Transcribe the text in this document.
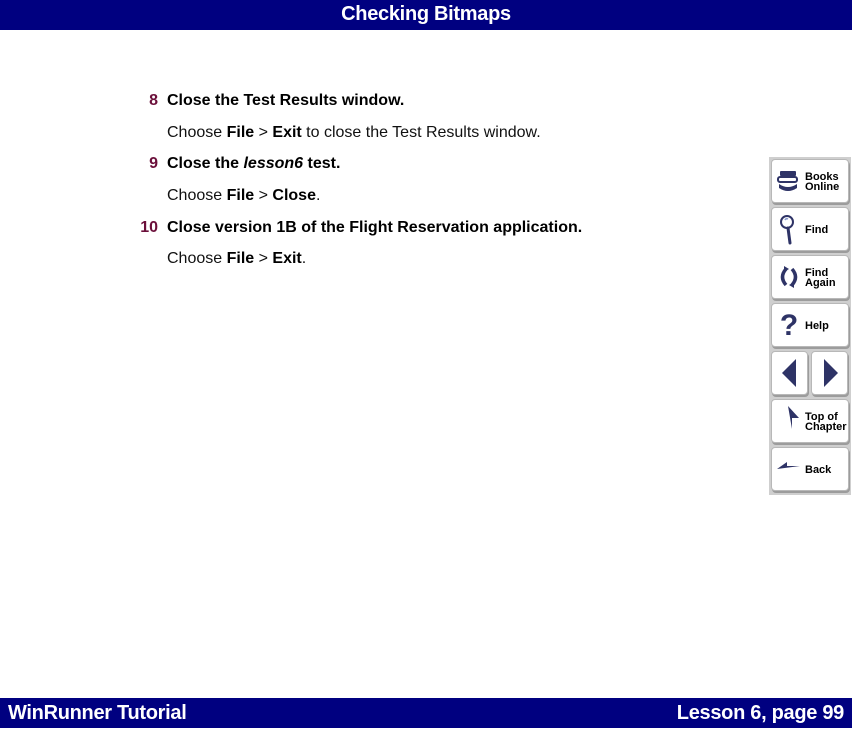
Checking Bitmaps
8 Close the Test Results window.
Choose File > Exit to close the Test Results window.
9 Close the lesson6 test.
Choose File > Close.
10 Close version 1B of the Flight Reservation application.
Choose File > Exit.
Books
Online
Find
Find
Again
? Help
Top of
Chapter
Back
WinRunner Tutorial	Lesson 6, page 99
